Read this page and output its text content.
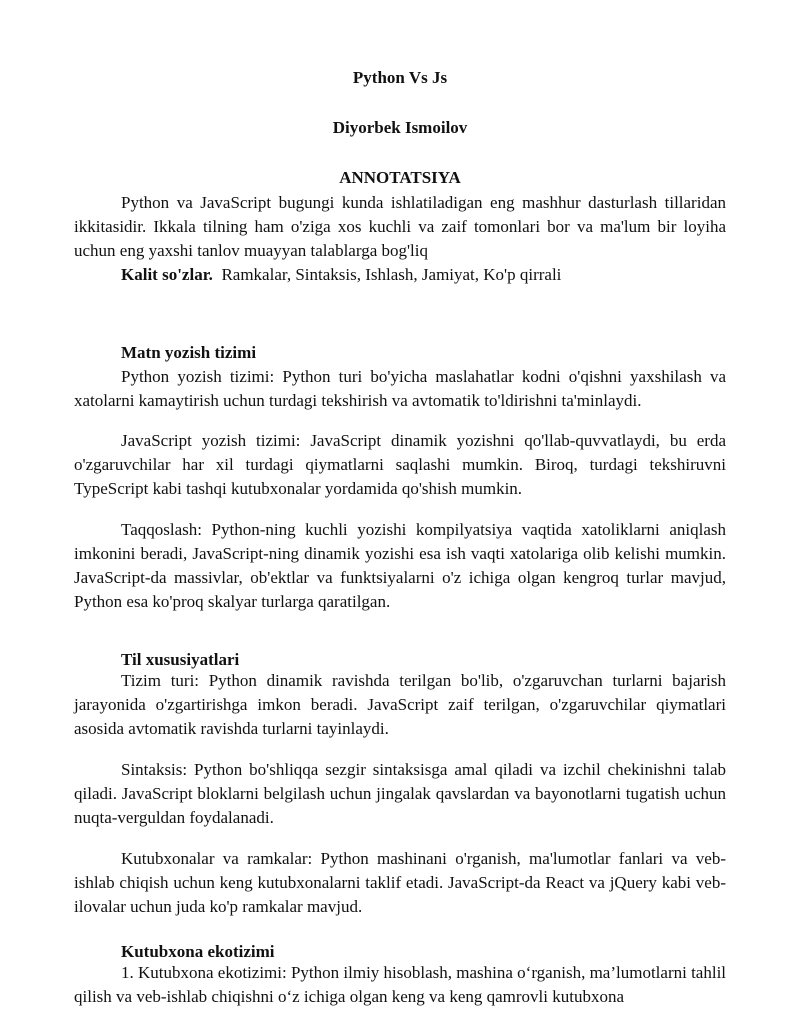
Python Vs Js
Diyorbek Ismoilov
ANNOTATSIYA

Python va JavaScript bugungi kunda ishlatiladigan eng mashhur dasturlash tillaridan ikkitasidir. Ikkala tilning ham o'ziga xos kuchli va zaif tomonlari bor va ma'lum bir loyiha uchun eng yaxshi tanlov muayyan talablarga bog'liq

Kalit so'zlar. Ramkalar, Sintaksis, Ishlash, Jamiyat, Ko'p qirrali

Matn yozish tizimi

Python yozish tizimi: Python turi bo'yicha maslahatlar kodni o'qishni yaxshilash va xatolarni kamaytirish uchun turdagi tekshirish va avtomatik to'ldirishni ta'minlaydi.

JavaScript yozish tizimi: JavaScript dinamik yozishni qo'llab-quvvatlaydi, bu erda o'zgaruvchilar har xil turdagi qiymatlarni saqlashi mumkin. Biroq, turdagi tekshiruvni TypeScript kabi tashqi kutubxonalar yordamida qo'shish mumkin.

Taqqoslash: Python-ning kuchli yozishi kompilyatsiya vaqtida xatoliklarni aniqlash imkonini beradi, JavaScript-ning dinamik yozishi esa ish vaqti xatolariga olib kelishi mumkin. JavaScript-da massivlar, ob'ektlar va funktsiyalarni o'z ichiga olgan kengroq turlar mavjud, Python esa ko'proq skalyar turlarga qaratilgan.

Til xususiyatlari

Tizim turi: Python dinamik ravishda terilgan bo'lib, o'zgaruvchan turlarni bajarish jarayonida o'zgartirishga imkon beradi. JavaScript zaif terilgan, o'zgaruvchilar qiymatlari asosida avtomatik ravishda turlarni tayinlaydi.

Sintaksis: Python bo'shliqqa sezgir sintaksisga amal qiladi va izchil chekinishni talab qiladi. JavaScript bloklarni belgilash uchun jingalak qavslardan va bayonotlarni tugatish uchun nuqta-verguldan foydalanadi.

Kutubxonalar va ramkalar: Python mashinani o'rganish, ma'lumotlar fanlari va veb-ishlab chiqish uchun keng kutubxonalarni taklif etadi. JavaScript-da React va jQuery kabi veb-ilovalar uchun juda ko'p ramkalar mavjud.

Kutubxona ekotizimi

1. Kutubxona ekotizimi: Python ilmiy hisoblash, mashina o‘rganish, ma’lumotlarni tahlil qilish va veb-ishlab chiqishni o‘z ichiga olgan keng va keng qamrovli kutubxona
